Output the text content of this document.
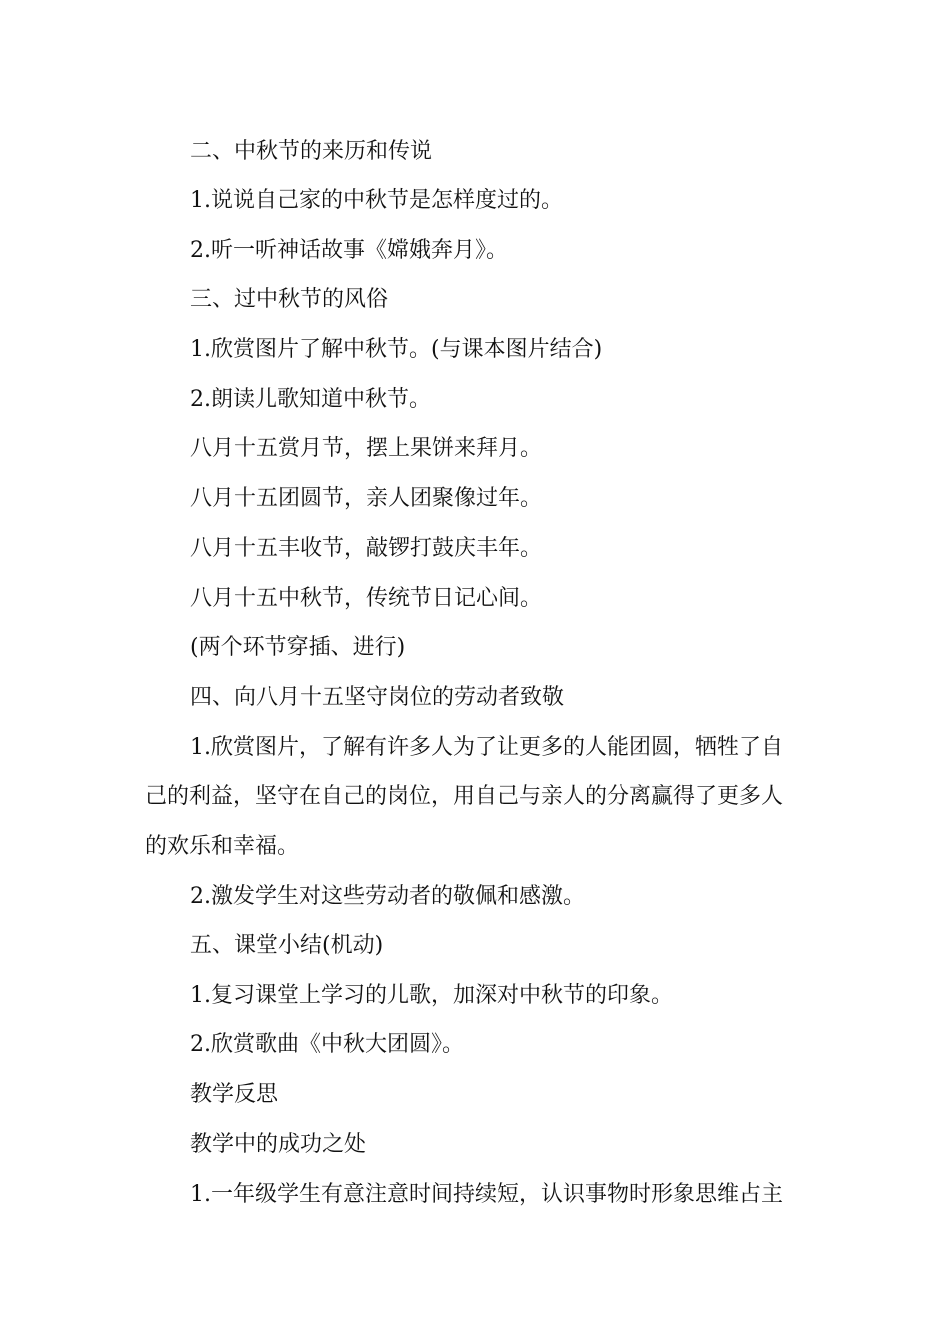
二、中秋节的来历和传说
1.说说自己家的中秋节是怎样度过的。
2.听一听神话故事《嫦娥奔月》。
三、过中秋节的风俗
1.欣赏图片了解中秋节。(与课本图片结合)
2.朗读儿歌知道中秋节。
八月十五赏月节，摆上果饼来拜月。
八月十五团圆节，亲人团聚像过年。
八月十五丰收节，敲锣打鼓庆丰年。
八月十五中秋节，传统节日记心间。
(两个环节穿插、进行)
四、向八月十五坚守岗位的劳动者致敬
1.欣赏图片，了解有许多人为了让更多的人能团圆，牺牲了自
己的利益，坚守在自己的岗位，用自己与亲人的分离赢得了更多人
的欢乐和幸福。
2.激发学生对这些劳动者的敬佩和感激。
五、课堂小结(机动)
1.复习课堂上学习的儿歌，加深对中秋节的印象。
2.欣赏歌曲《中秋大团圆》。
教学反思
教学中的成功之处
1.一年级学生有意注意时间持续短，认识事物时形象思维占主
